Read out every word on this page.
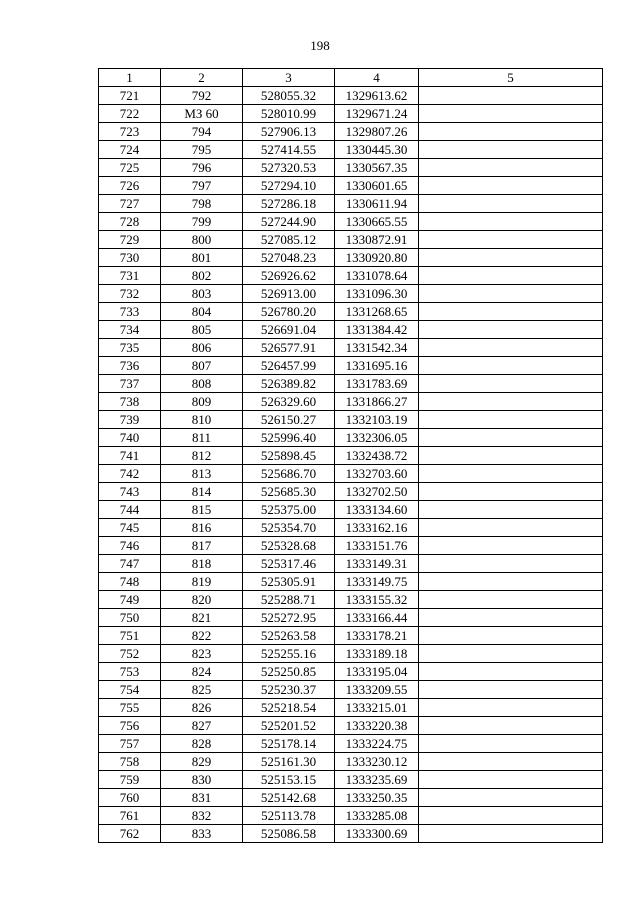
198
1	2	3	4	5
721	792	528055.32	1329613.62	
722	МЗ 60	528010.99	1329671.24	
723	794	527906.13	1329807.26	
724	795	527414.55	1330445.30	
725	796	527320.53	1330567.35	
726	797	527294.10	1330601.65	
727	798	527286.18	1330611.94	
728	799	527244.90	1330665.55	
729	800	527085.12	1330872.91	
730	801	527048.23	1330920.80	
731	802	526926.62	1331078.64	
732	803	526913.00	1331096.30	
733	804	526780.20	1331268.65	
734	805	526691.04	1331384.42	
735	806	526577.91	1331542.34	
736	807	526457.99	1331695.16	
737	808	526389.82	1331783.69	
738	809	526329.60	1331866.27	
739	810	526150.27	1332103.19	
740	811	525996.40	1332306.05	
741	812	525898.45	1332438.72	
742	813	525686.70	1332703.60	
743	814	525685.30	1332702.50	
744	815	525375.00	1333134.60	
745	816	525354.70	1333162.16	
746	817	525328.68	1333151.76	
747	818	525317.46	1333149.31	
748	819	525305.91	1333149.75	
749	820	525288.71	1333155.32	
750	821	525272.95	1333166.44	
751	822	525263.58	1333178.21	
752	823	525255.16	1333189.18	
753	824	525250.85	1333195.04	
754	825	525230.37	1333209.55	
755	826	525218.54	1333215.01	
756	827	525201.52	1333220.38	
757	828	525178.14	1333224.75	
758	829	525161.30	1333230.12	
759	830	525153.15	1333235.69	
760	831	525142.68	1333250.35	
761	832	525113.78	1333285.08	
762	833	525086.58	1333300.69	
